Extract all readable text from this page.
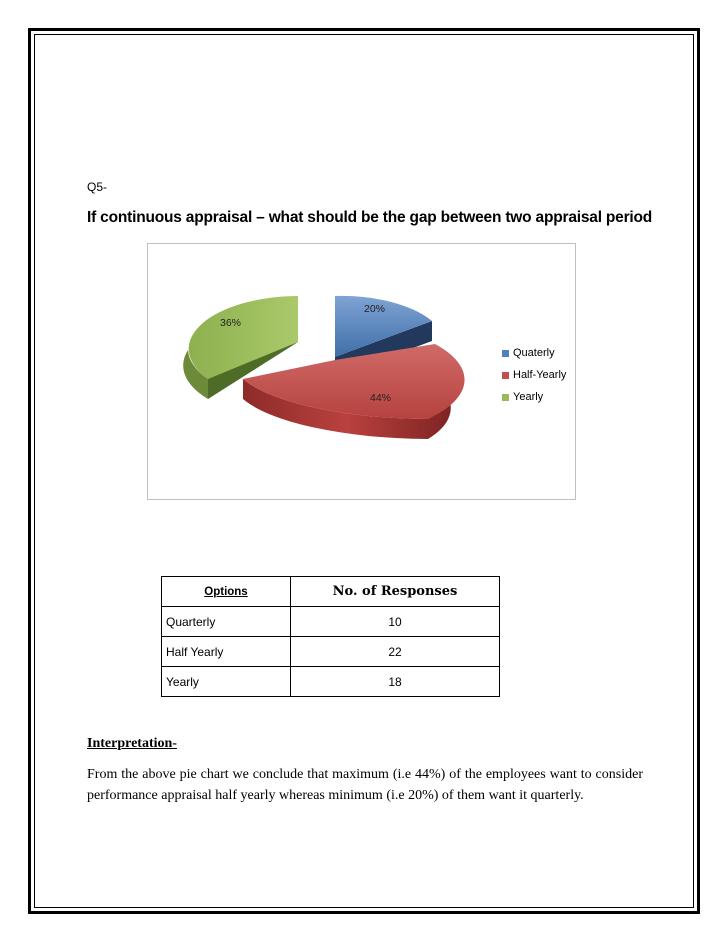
Q5-
If continuous appraisal – what should be the gap between two appraisal period
20%
44%
36%
Quaterly
Half-Yearly
Yearly
Options	No. of Responses
Quarterly	10
Half Yearly	22
Yearly	18
Interpretation-
From the above pie chart we conclude that maximum (i.e 44%) of the employees want to consider performance appraisal half yearly whereas minimum (i.e 20%) of them want it quarterly.
